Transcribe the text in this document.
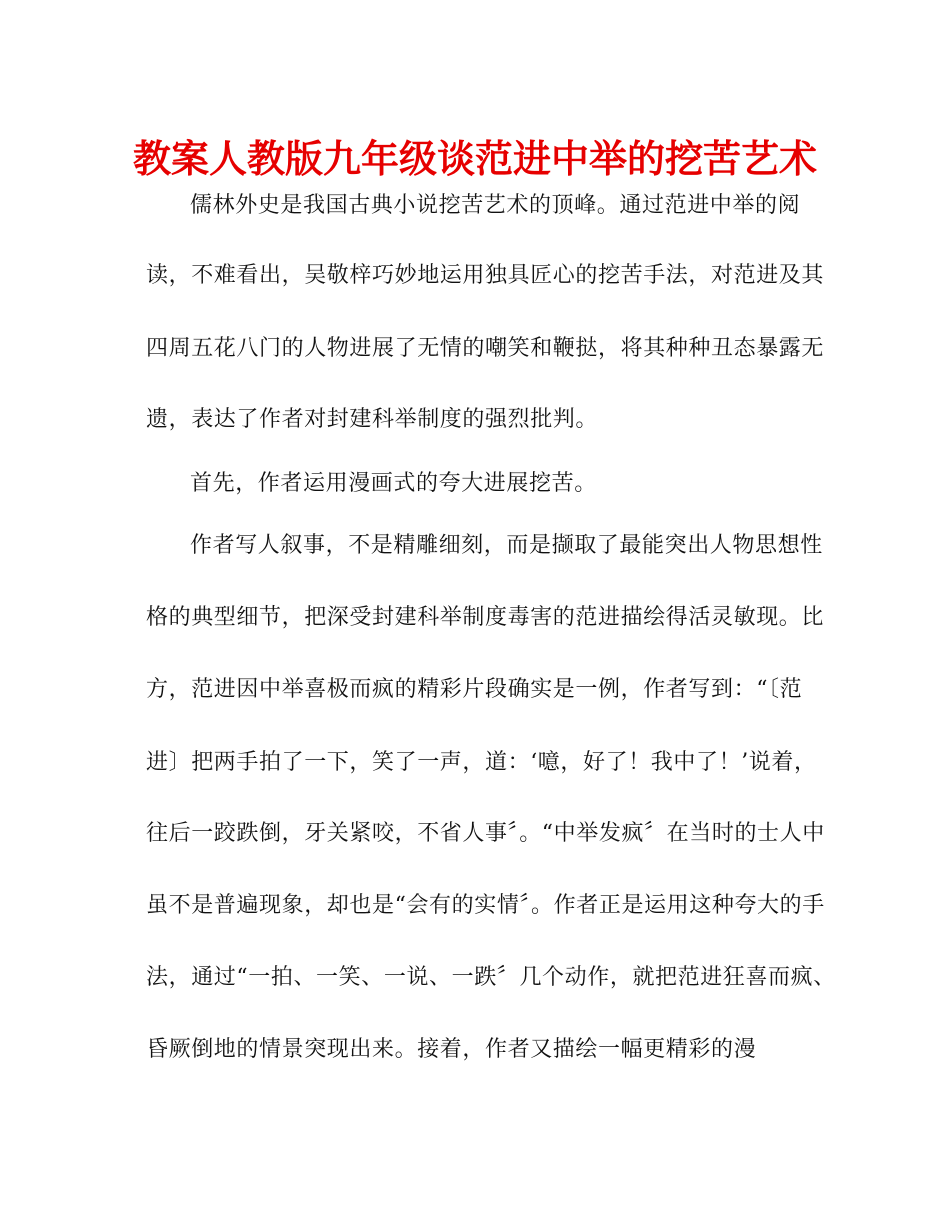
教案人教版九年级谈范进中举的挖苦艺术
儒林外史是我国古典小说挖苦艺术的顶峰。通过范进中举的阅
读，不难看出，吴敬梓巧妙地运用独具匠心的挖苦手法，对范进及其
四周五花八门的人物进展了无情的嘲笑和鞭挞，将其种种丑态暴露无
遗，表达了作者对封建科举制度的强烈批判。
首先，作者运用漫画式的夸大进展挖苦。
作者写人叙事，不是精雕细刻，而是撷取了最能突出人物思想性
格的典型细节，把深受封建科举制度毒害的范进描绘得活灵敏现。比
方，范进因中举喜极而疯的精彩片段确实是一例，作者写到：“〔范
进〕把两手拍了一下，笑了一声，道：‘噫，好了！我中了！’说着，
往后一跤跌倒，牙关紧咬，不省人事〞。“中举发疯〞在当时的士人中
虽不是普遍现象，却也是“会有的实情〞。作者正是运用这种夸大的手
法，通过“一拍、一笑、一说、一跌〞几个动作，就把范进狂喜而疯、
昏厥倒地的情景突现出来。接着，作者又描绘一幅更精彩的漫
